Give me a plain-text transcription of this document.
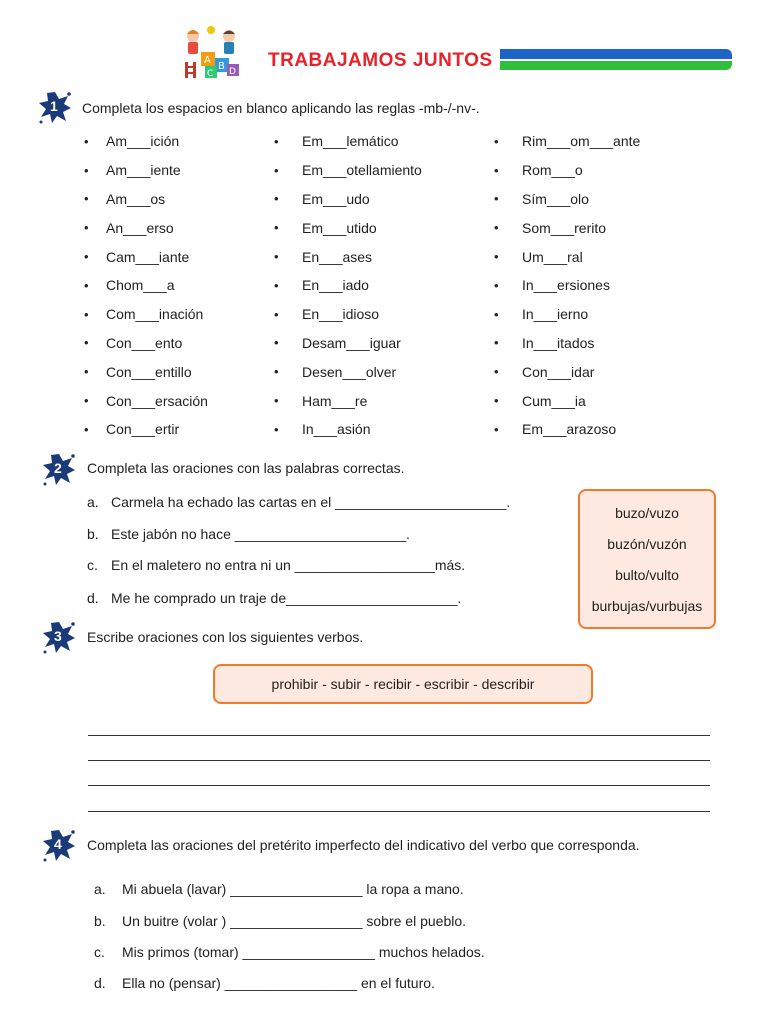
A
B
C D
TRABAJAMOS JUNTOS
1 Completa los espacios en blanco aplicando las reglas -mb-/-nv-.
•	Am___ición
•	Am___iente
•	Am___os
•	An___erso
•	Cam___iante
•	Chom___a
•	Com___inación
•	Con___ento
•	Con___entillo
•	Con___ersación
•	Con___ertir
•	Em___lemático
•	Em___otellamiento
•	Em___udo
•	Em___utido
•	En___ases
•	En___iado
•	En___idioso
•	Desam___iguar
•	Desen___olver
•	Ham___re
•	In___asión
•	Rim___om___ante
•	Rom___o
•	Sím___olo
•	Som___rerito
•	Um___ral
•	In___ersiones
•	In___ierno
•	In___itados
•	Con___idar
•	Cum___ia
•	Em___arazoso
2 Completa las oraciones con las palabras correctas.
a. Carmela ha echado las cartas en el ______________________.
b. Este jabón no hace ______________________.
c. En el maletero no entra ni un __________________más.
d. Me he comprado un traje de______________________.
buzo/vuzo
buzón/vuzón
bulto/vulto
burbujas/vurbujas
3 Escribe oraciones con los siguientes verbos.
prohibir - subir - recibir - escribir - describir
4 Completa las oraciones del pretérito imperfecto del indicativo del verbo que corresponda.
a. Mi abuela (lavar) _________________ la ropa a mano.
b. Un buitre (volar ) _________________ sobre el pueblo.
c. Mis primos (tomar) _________________ muchos helados.
d. Ella no (pensar) _________________ en el futuro.
